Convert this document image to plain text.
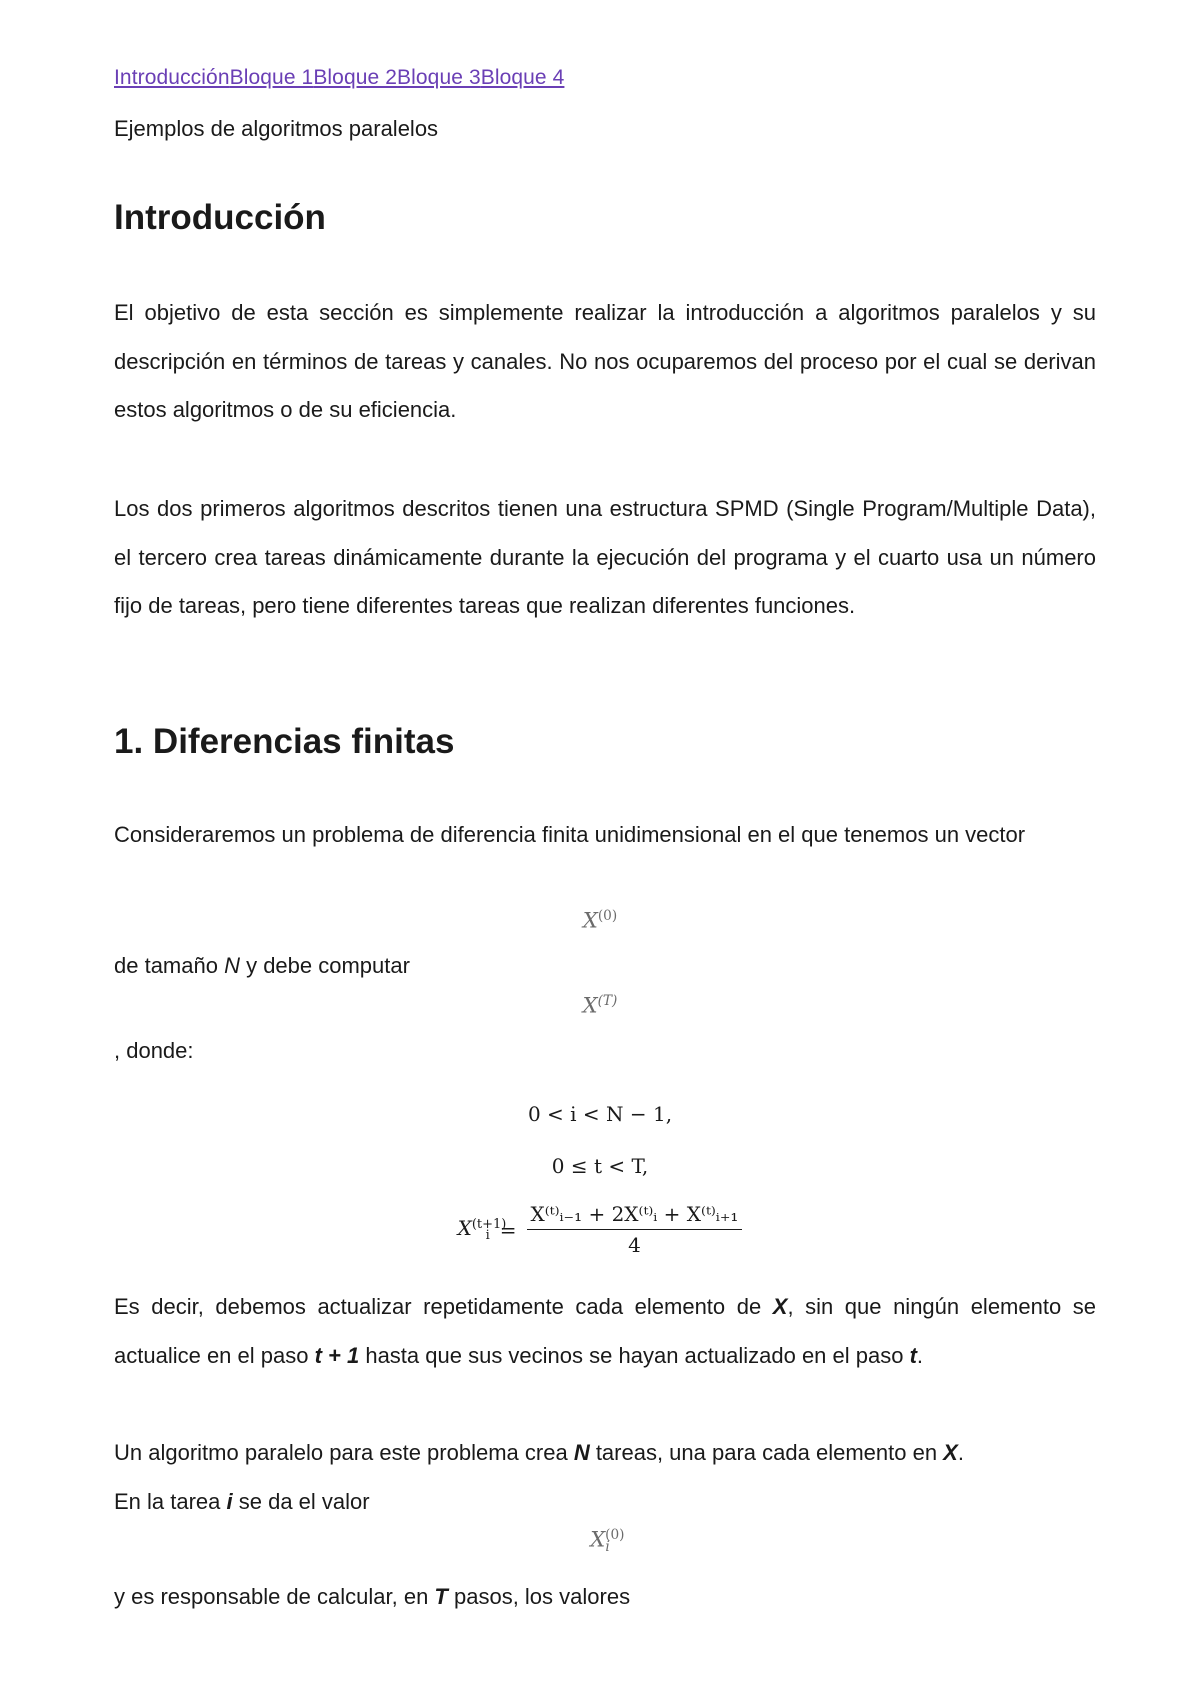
IntroducciónBloque 1Bloque 2Bloque 3Bloque 4
Ejemplos de algoritmos paralelos
Introducción

El objetivo de esta sección es simplemente realizar la introducción a algoritmos paralelos y su descripción en términos de tareas y canales. No nos ocuparemos del proceso por el cual se derivan estos algoritmos o de su eficiencia.

Los dos primeros algoritmos descritos tienen una estructura SPMD (Single Program/Multiple Data), el tercero crea tareas dinámicamente durante la ejecución del programa y el cuarto usa un número fijo de tareas, pero tiene diferentes tareas que realizan diferentes funciones.

1. Diferencias finitas

Consideraremos un problema de diferencia finita unidimensional en el que tenemos un vector

$X^{(0)}$
de tamaño N y debe computar
$X^{(T)}$
, donde:
0 < i < N − 1,
0 ≤ t < T,
$X^{(t+1)}_i = \frac{\text{X⁽ᵗ⁾ᵢ₋₁ + 2X⁽ᵗ⁾ᵢ + X⁽ᵗ⁾ᵢ₊₁}}{4}$

Es decir, debemos actualizar repetidamente cada elemento de X, sin que ningún elemento se actualice en el paso t + 1 hasta que sus vecinos se hayan actualizado en el paso t.

Un algoritmo paralelo para este problema crea N tareas, una para cada elemento en X.

En la tarea i se da el valor
$X^{(0)}_i$
y es responsable de calcular, en T pasos, los valores
